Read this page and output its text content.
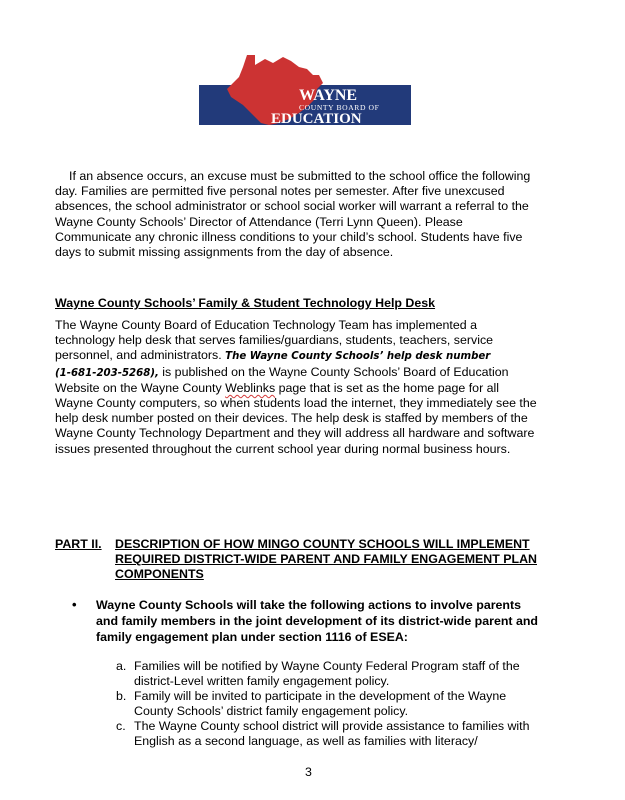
WAYNE
COUNTY BOARD OF
EDUCATION
If an absence occurs, an excuse must be submitted to the school office the following
day. Families are permitted five personal notes per semester. After five unexcused
absences, the school administrator or school social worker will warrant a referral to the
Wayne County Schools’ Director of Attendance (Terri Lynn Queen). Please
Communicate any chronic illness conditions to your child’s school. Students have five
days to submit missing assignments from the day of absence.
Wayne County Schools’ Family & Student Technology Help Desk
The Wayne County Board of Education Technology Team has implemented a
technology help desk that serves families/guardians, students, teachers, service
personnel, and administrators. The Wayne County Schools’ help desk number
(1-681-203-5268), is published on the Wayne County Schools’ Board of Education
Website on the Wayne County Weblinks page that is set as the home page for all
Wayne County computers, so when students load the internet, they immediately see the
help desk number posted on their devices. The help desk is staffed by members of the
Wayne County Technology Department and they will address all hardware and software
issues presented throughout the current school year during normal business hours.
PART II. DESCRIPTION OF HOW MINGO COUNTY SCHOOLS WILL IMPLEMENT
REQUIRED DISTRICT-WIDE PARENT AND FAMILY ENGAGEMENT PLAN
COMPONENTS
• Wayne County Schools will take the following actions to involve parents
and family members in the joint development of its district-wide parent and
family engagement plan under section 1116 of ESEA:
a. Families will be notified by Wayne County Federal Program staff of the
district-Level written family engagement policy.
b. Family will be invited to participate in the development of the Wayne
County Schools’ district family engagement policy.
c. The Wayne County school district will provide assistance to families with
English as a second language, as well as families with literacy/
3
